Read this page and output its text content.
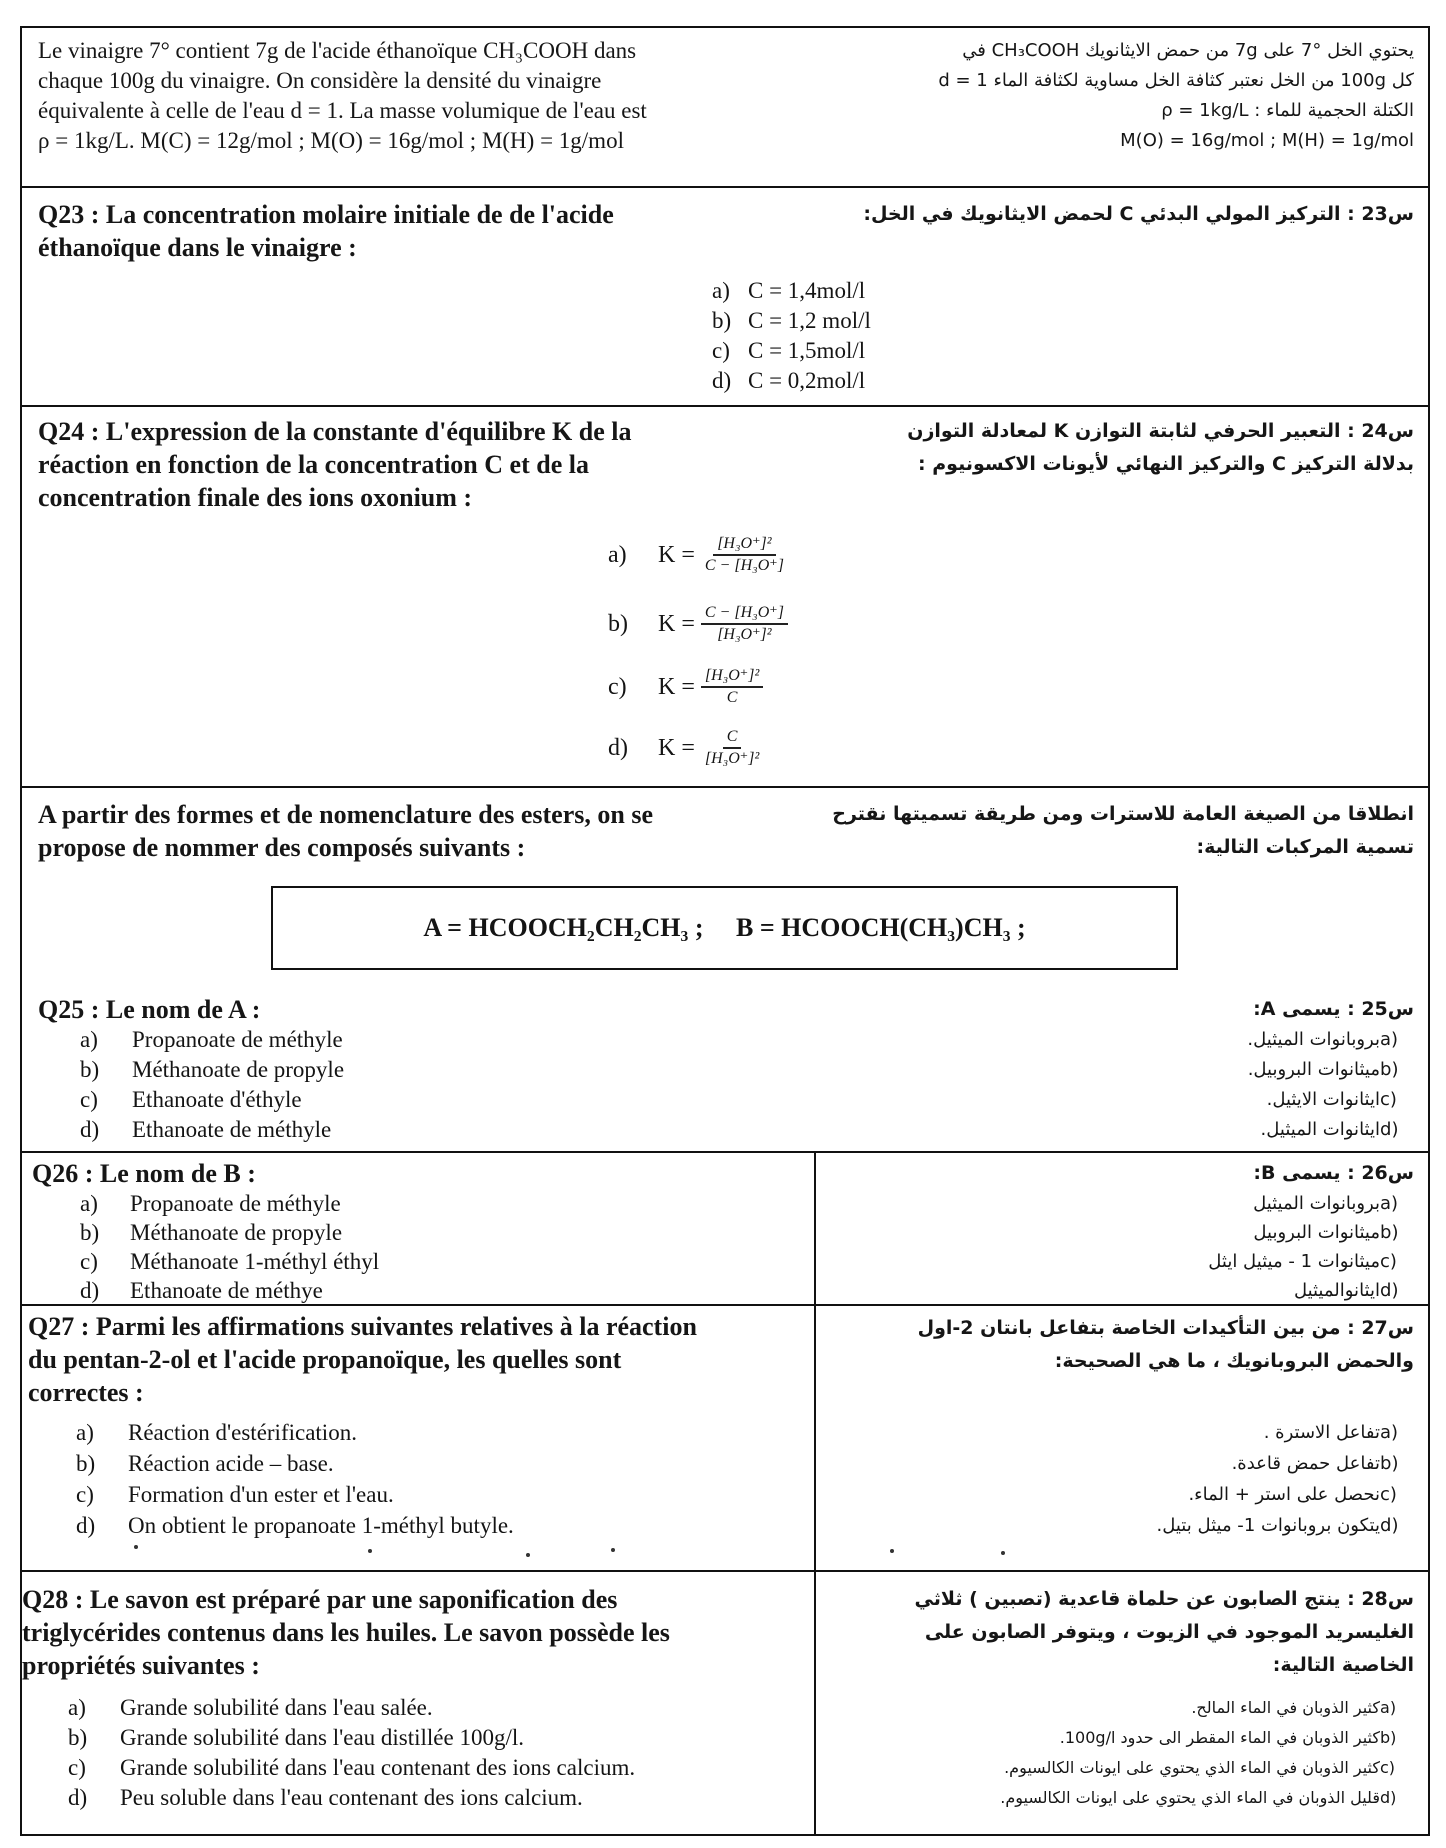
Le vinaigre 7° contient 7g de l'acide éthanoïque CH₃COOH dans
chaque 100g du vinaigre. On considère la densité du vinaigre
équivalente à celle de l'eau d = 1. La masse volumique de l'eau est
ρ = 1kg/L. M(C) = 12g/mol ; M(O) = 16g/mol ; M(H) = 1g/mol
يحتوي الخل °7 على 7g من حمض الايثانويك CH₃COOH في
كل 100g من الخل نعتبر كثافة الخل مساوية لكثافة الماء d = 1
الكتلة الحجمية للماء : ρ = 1kg/L
M(O) = 16g/mol ; M(H) = 1g/mol
Q23 : La concentration molaire initiale de de l'acide
éthanoïque dans le vinaigre :
س23 : التركيز المولي البدئي C لحمض الايثانويك في الخل:
a) C = 1,4mol/l
b) C = 1,2 mol/l
c) C = 1,5mol/l
d) C = 0,2mol/l
Q24 : L'expression de la constante d'équilibre K de la
réaction en fonction de la concentration C et de la
concentration finale des ions oxonium :
س24 : التعبير الحرفي لثابتة التوازن K لمعادلة التوازن
بدلالة التركيز C والتركيز النهائي لأيونات الاكسونيوم :
a)	$K = \frac{\text{[H₃O⁺]²}}{\text{C − [H₃O⁺]}}$
b)	$K = \frac{\text{C − [H₃O⁺]}}{\text{[H₃O⁺]²}}$
c)	$K = \frac{\text{[H₃O⁺]²}}{C}$
d)	$K = \frac{C}{\text{[H₃O⁺]²}}$
A partir des formes et de nomenclature des esters, on se
propose de nommer des composés suivants :
انطلاقا من الصيغة العامة للاسترات ومن طريقة تسميتها نقترح
تسمية المركبات التالية:
A = HCOOCH₂CH₂CH₃ ;     B = HCOOCH(CH₃)CH₃ ;
Q25 : Le nom de A :	س25 : يسمى A:
a) Propanoate de méthyle
b) Méthanoate de propyle
c) Ethanoate d'éthyle
d) Ethanoate de méthyle
(aبروبانوات الميثيل.
(bميثانوات البروبيل.
(cايثانوات الايثيل.
(dايثانوات الميثيل.
Q26 : Le nom de B :	س26 : يسمى B:
a) Propanoate de méthyle
b) Méthanoate de propyle
c) Méthanoate 1-méthyl éthyl
d) Ethanoate de méthye
(aبروبانوات الميثيل
(bميثانوات البروبيل
(cميثانوات 1 - ميثيل ايثل
(dايثانوالميثيل
Q27 : Parmi les affirmations suivantes relatives à la réaction
du pentan-2-ol et l'acide propanoïque, les quelles sont
correctes :
س27 : من بين التأكيدات الخاصة بتفاعل بانتان 2-اول
والحمض البروبانويك ، ما هي الصحيحة:
a) Réaction d'estérification.
b) Réaction acide – base.
c) Formation d'un ester et l'eau.
d) On obtient le propanoate 1-méthyl butyle.
(aتفاعل الاسترة .
(bتفاعل حمض قاعدة.
(cنحصل على استر + الماء.
(dيتكون بروبانوات 1- ميثل بتيل.
Q28 : Le savon est préparé par une saponification des
triglycérides contenus dans les huiles. Le savon possède les
propriétés suivantes :
س28 : ينتج الصابون عن حلماة قاعدية (تصبين ) ثلاثي
الغليسريد الموجود في الزيوت ، ويتوفر الصابون على
الخاصية التالية:
a) Grande solubilité dans l'eau salée.
b) Grande solubilité dans l'eau distillée 100g/l.
c) Grande solubilité dans l'eau contenant des ions calcium.
d) Peu soluble dans l'eau contenant des ions calcium.
(aكثير الذوبان في الماء المالح.
(bكثير الذوبان في الماء المقطر الى حدود 100g/l.
(cكثير الذوبان في الماء الذي يحتوي على ايونات الكالسيوم.
(dقليل الذوبان في الماء الذي يحتوي على ايونات الكالسيوم.
